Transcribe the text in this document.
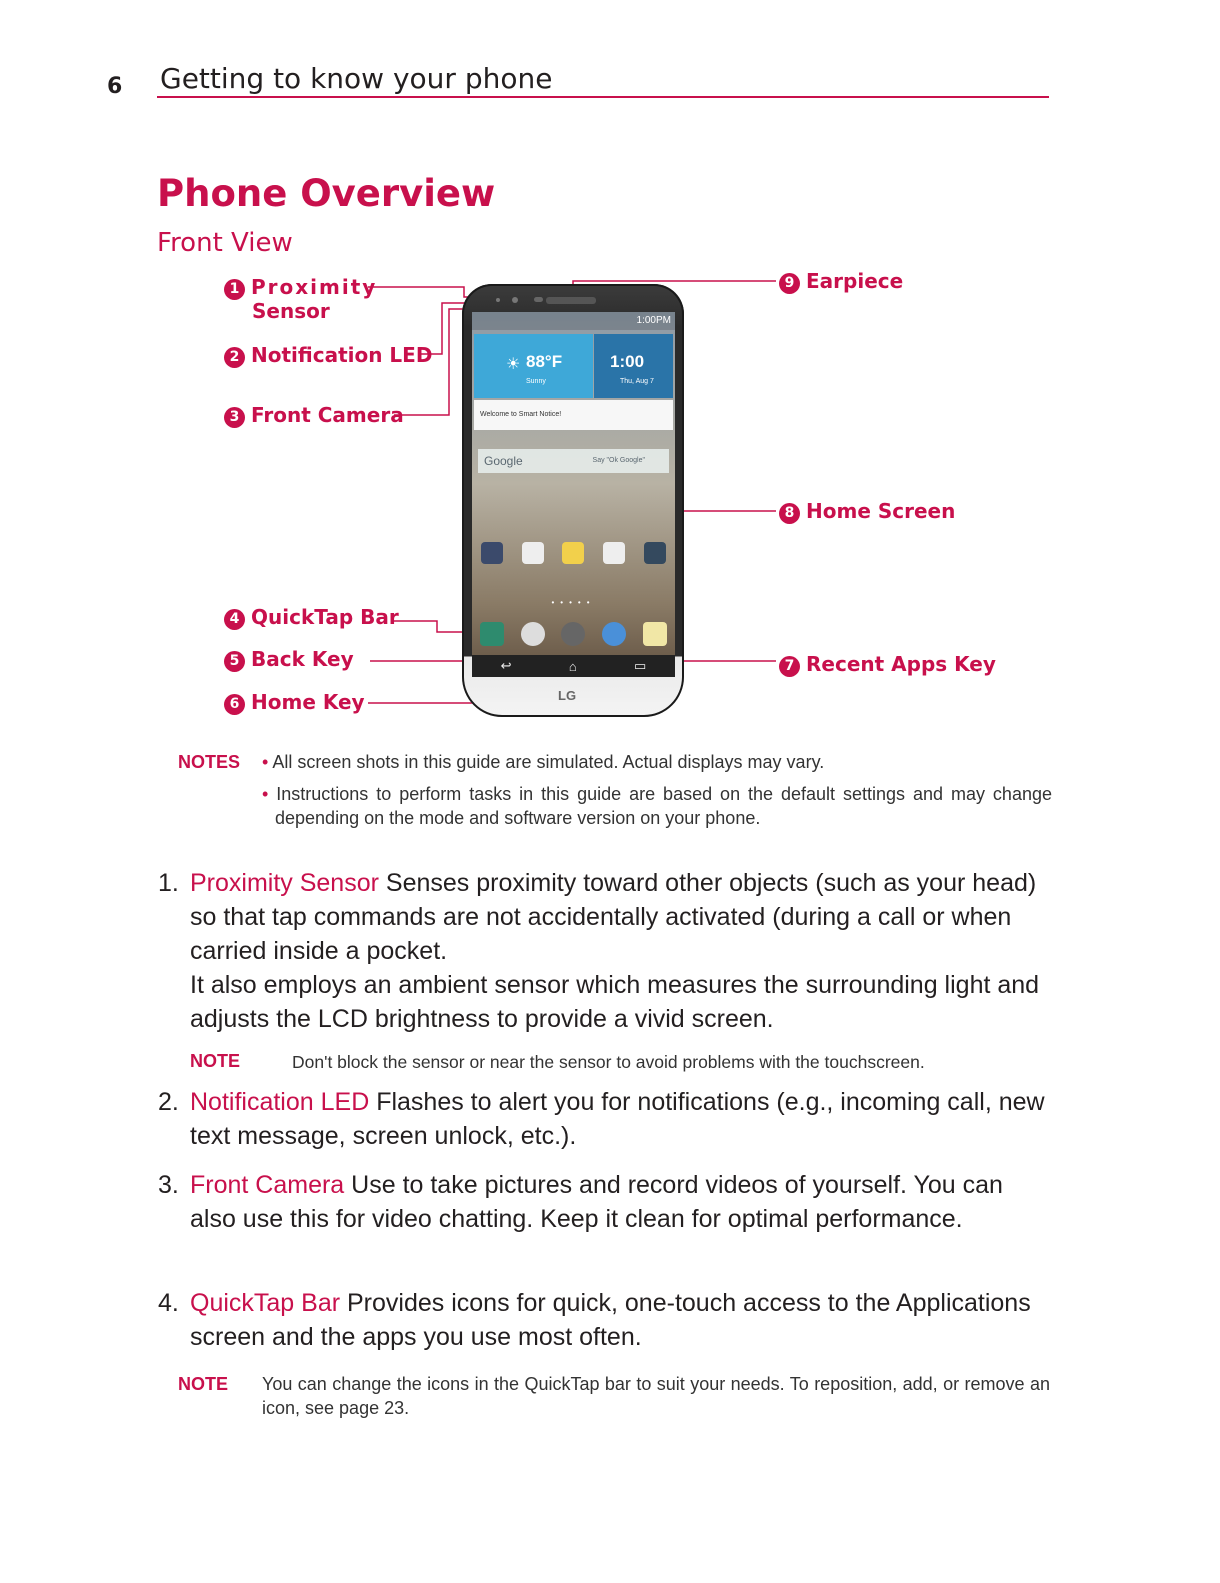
6 Getting to know your phone
Phone Overview
Front View
1:00PM
☀ 88°F
Sunny
1:00
Thu, Aug 7
Welcome to Smart Notice!
Google	Say "Ok Google"
•••••
↩	⌂	▭
LG
1 Proximity
Sensor
2 Notification LED
3 Front Camera
4 QuickTap Bar
5 Back Key
6 Home Key
7 Recent Apps Key
8 Home Screen
9 Earpiece
NOTES • All screen shots in this guide are simulated. Actual displays may vary.
• Instructions to perform tasks in this guide are based on the default settings and may change depending on the mode and software version on your phone.
1. Proximity Sensor Senses proximity toward other objects (such as your head) so that tap commands are not accidentally activated (during a call or when carried inside a pocket.
It also employs an ambient sensor which measures the surrounding light and adjusts the LCD brightness to provide a vivid screen.
NOTE	Don't block the sensor or near the sensor to avoid problems with the touchscreen.
2. Notification LED Flashes to alert you for notifications (e.g., incoming call, new text message, screen unlock, etc.).
3. Front Camera Use to take pictures and record videos of yourself. You can also use this for video chatting. Keep it clean for optimal performance.
4. QuickTap Bar Provides icons for quick, one-touch access to the Applications screen and the apps you use most often.
NOTE You can change the icons in the QuickTap bar to suit your needs. To reposition, add, or remove an icon, see page 23.
